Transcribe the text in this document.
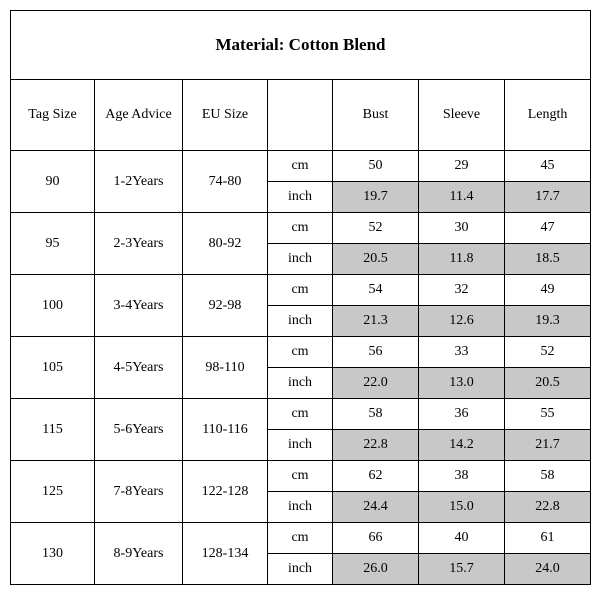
Material: Cotton Blend						
Tag Size	Age Advice	EU Size		Bust	Sleeve	Length
90	1-2Years	74-80	cm	50	29	45
			inch	19.7	11.4	17.7
95	2-3Years	80-92	cm	52	30	47
			inch	20.5	11.8	18.5
100	3-4Years	92-98	cm	54	32	49
			inch	21.3	12.6	19.3
105	4-5Years	98-110	cm	56	33	52
			inch	22.0	13.0	20.5
115	5-6Years	110-116	cm	58	36	55
			inch	22.8	14.2	21.7
125	7-8Years	122-128	cm	62	38	58
			inch	24.4	15.0	22.8
130	8-9Years	128-134	cm	66	40	61
			inch	26.0	15.7	24.0
